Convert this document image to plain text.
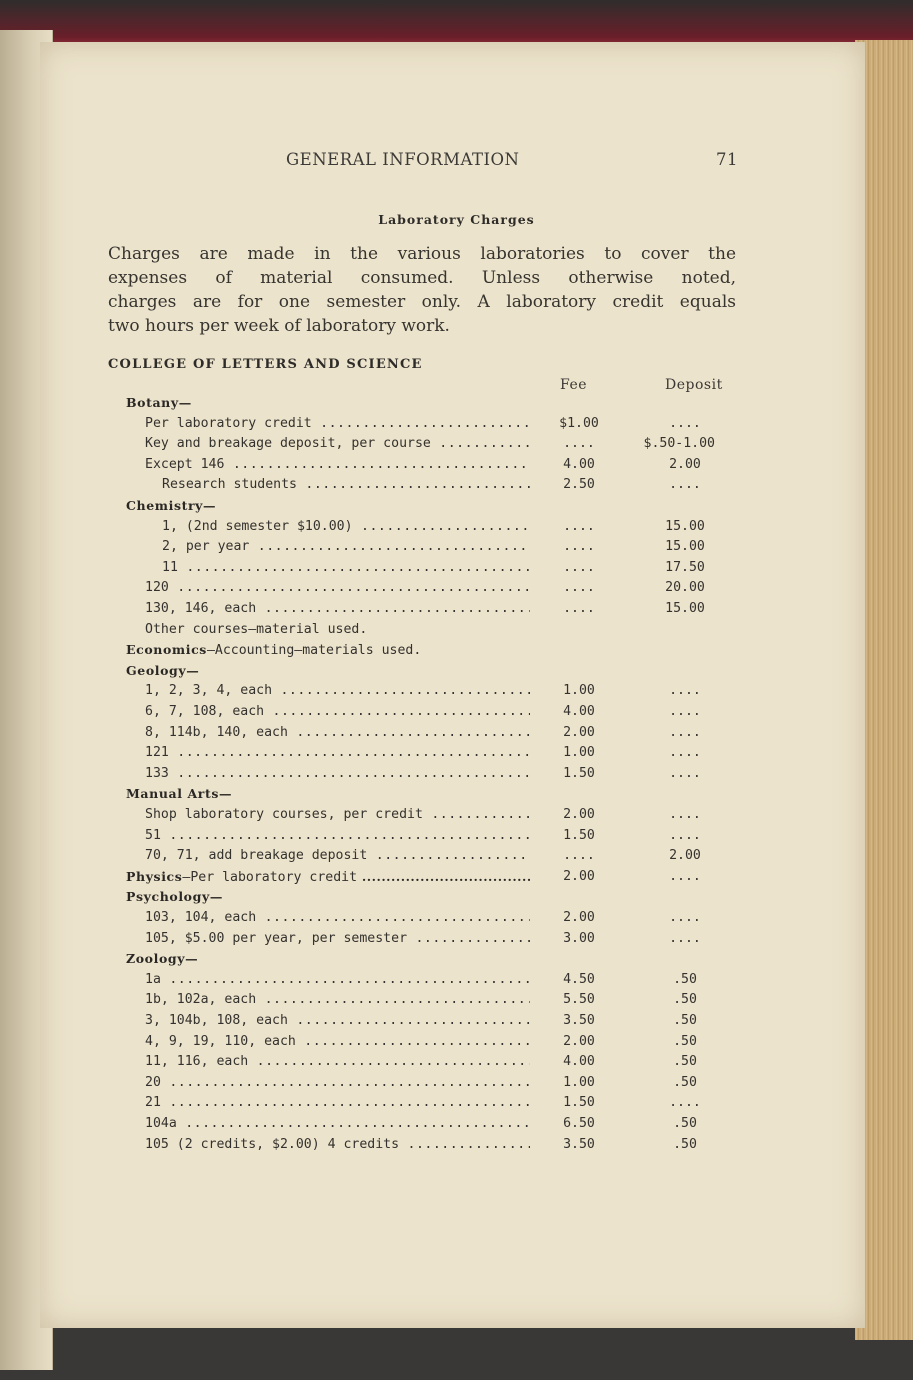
GENERAL INFORMATION	71
Laboratory Charges
Charges are made in the various laboratories to cover the
expenses of material consumed. Unless otherwise noted,
charges are for one semester only. A laboratory credit equals
two hours per week of laboratory work.
COLLEGE OF LETTERS AND SCIENCE
Fee	Deposit
Botany—
Per laboratory credit .....	$1.00	....
Key and breakage deposit, per course .....	....	$.50-1.00
Except 146 .....	4.00	2.00
Research students .....	2.50	....
Chemistry—
1, (2nd semester $10.00) .....	....	15.00
2, per year .....	....	15.00
11 .....	....	17.50
120 .....	....	20.00
130, 146, each .....	....	15.00
Other courses—material used.
Economics—Accounting—materials used.
Geology—
1, 2, 3, 4, each .....	1.00	....
6, 7, 108, each .....	4.00	....
8, 114b, 140, each .....	2.00	....
121 .....	1.00	....
133 .....	1.50	....
Manual Arts—
Shop laboratory courses, per credit .....	2.00	....
51 .....	1.50	....
70, 71, add breakage deposit .....	....	2.00
Physics—Per laboratory credit .....	2.00	....
Psychology—
103, 104, each .....	2.00	....
105, $5.00 per year, per semester .....	3.00	....
Zoology—
1a .....	4.50	.50
1b, 102a, each .....	5.50	.50
3, 104b, 108, each .....	3.50	.50
4, 9, 19, 110, each .....	2.00	.50
11, 116, each .....	4.00	.50
20 .....	1.00	.50
21 .....	1.50	....
104a .....	6.50	.50
105 (2 credits, $2.00) 4 credits .....	3.50	.50
